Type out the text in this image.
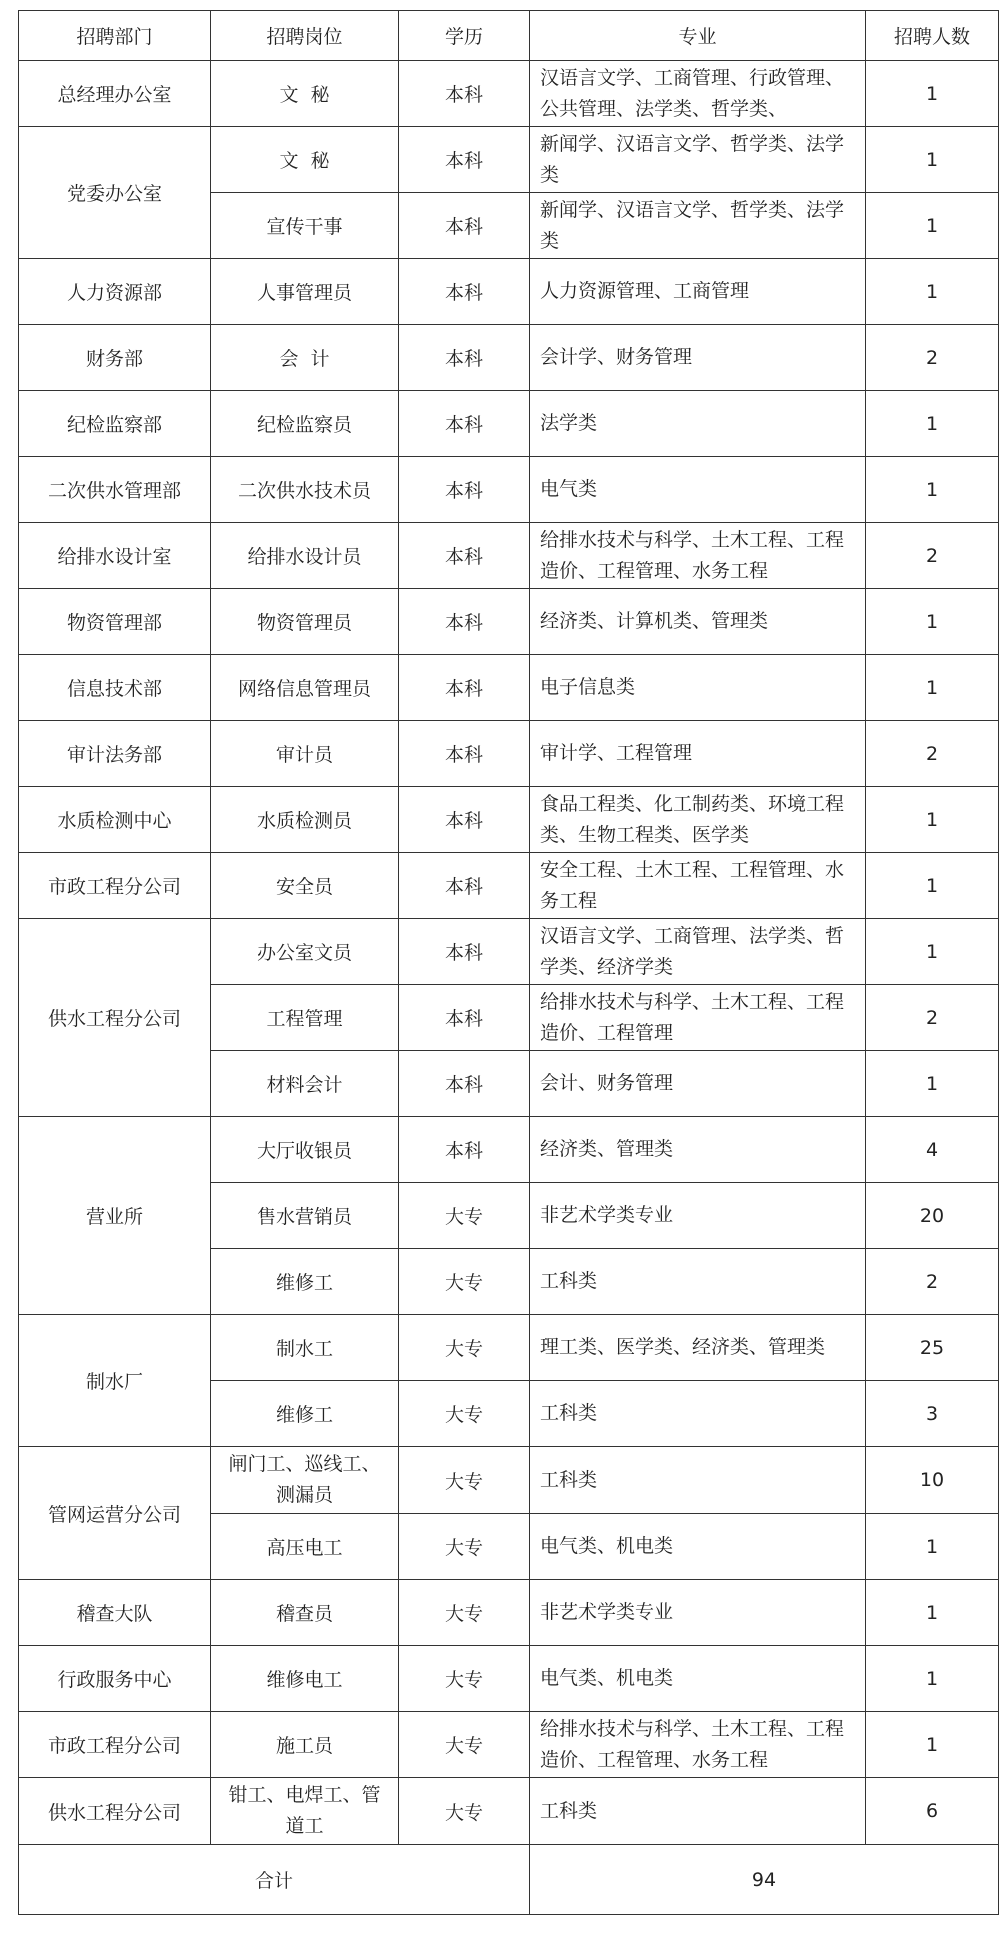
招聘部门	招聘岗位	学历	专业	招聘人数
总经理办公室	文  秘	本科	汉语言文学、工商管理、行政管理、公共管理、法学类、哲学类、	1
党委办公室	文  秘	本科	新闻学、汉语言文学、哲学类、法学类	1
	宣传干事	本科	新闻学、汉语言文学、哲学类、法学类	1
人力资源部	人事管理员	本科	人力资源管理、工商管理	1
财务部	会  计	本科	会计学、财务管理	2
纪检监察部	纪检监察员	本科	法学类	1
二次供水管理部	二次供水技术员	本科	电气类	1
给排水设计室	给排水设计员	本科	给排水技术与科学、土木工程、工程造价、工程管理、水务工程	2
物资管理部	物资管理员	本科	经济类、计算机类、管理类	1
信息技术部	网络信息管理员	本科	电子信息类	1
审计法务部	审计员	本科	审计学、工程管理	2
水质检测中心	水质检测员	本科	食品工程类、化工制药类、环境工程类、生物工程类、医学类	1
市政工程分公司	安全员	本科	安全工程、土木工程、工程管理、水务工程	1
供水工程分公司	办公室文员	本科	汉语言文学、工商管理、法学类、哲学类、经济学类	1
	工程管理	本科	给排水技术与科学、土木工程、工程造价、工程管理	2
	材料会计	本科	会计、财务管理	1
营业所	大厅收银员	本科	经济类、管理类	4
	售水营销员	大专	非艺术学类专业	20
	维修工	大专	工科类	2
制水厂	制水工	大专	理工类、医学类、经济类、管理类	25
	维修工	大专	工科类	3
管网运营分公司	闸门工、巡线工、测漏员	大专	工科类	10
	高压电工	大专	电气类、机电类	1
稽查大队	稽查员	大专	非艺术学类专业	1
行政服务中心	维修电工	大专	电气类、机电类	1
市政工程分公司	施工员	大专	给排水技术与科学、土木工程、工程造价、工程管理、水务工程	1
供水工程分公司	钳工、电焊工、管道工	大专	工科类	6
合计			94	
